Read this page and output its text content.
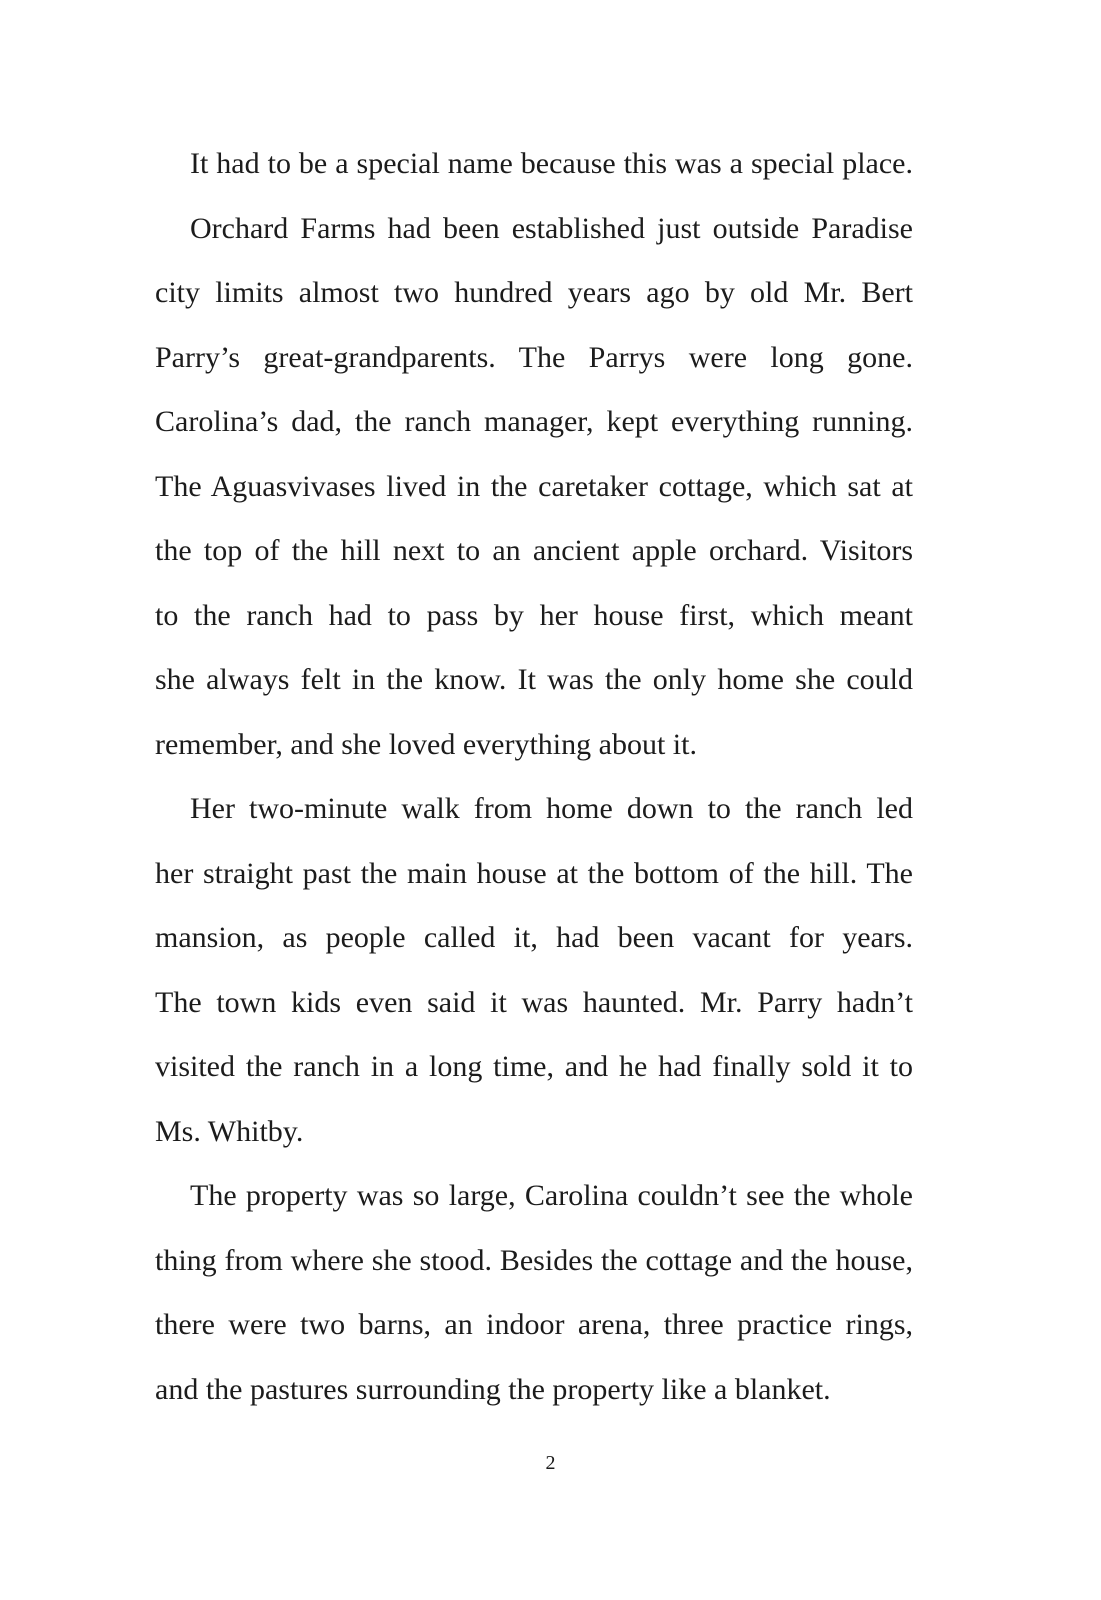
It had to be a special name because this was a special place.

Orchard Farms had been established just outside Paradise

city limits almost two hundred years ago by old Mr. Bert

Parry’s great-grandparents. The Parrys were long gone.

Carolina’s dad, the ranch manager, kept everything running.

The Aguasvivases lived in the caretaker cottage, which sat at

the top of the hill next to an ancient apple orchard. Visitors

to the ranch had to pass by her house first, which meant

she always felt in the know. It was the only home she could

remember, and she loved everything about it.

Her two-minute walk from home down to the ranch led

her straight past the main house at the bottom of the hill. The

mansion, as people called it, had been vacant for years.

The town kids even said it was haunted. Mr. Parry hadn’t

visited the ranch in a long time, and he had finally sold it to

Ms. Whitby.

The property was so large, Carolina couldn’t see the whole

thing from where she stood. Besides the cottage and the house,

there were two barns, an indoor arena, three practice rings,

and the pastures surrounding the property like a blanket.

2
